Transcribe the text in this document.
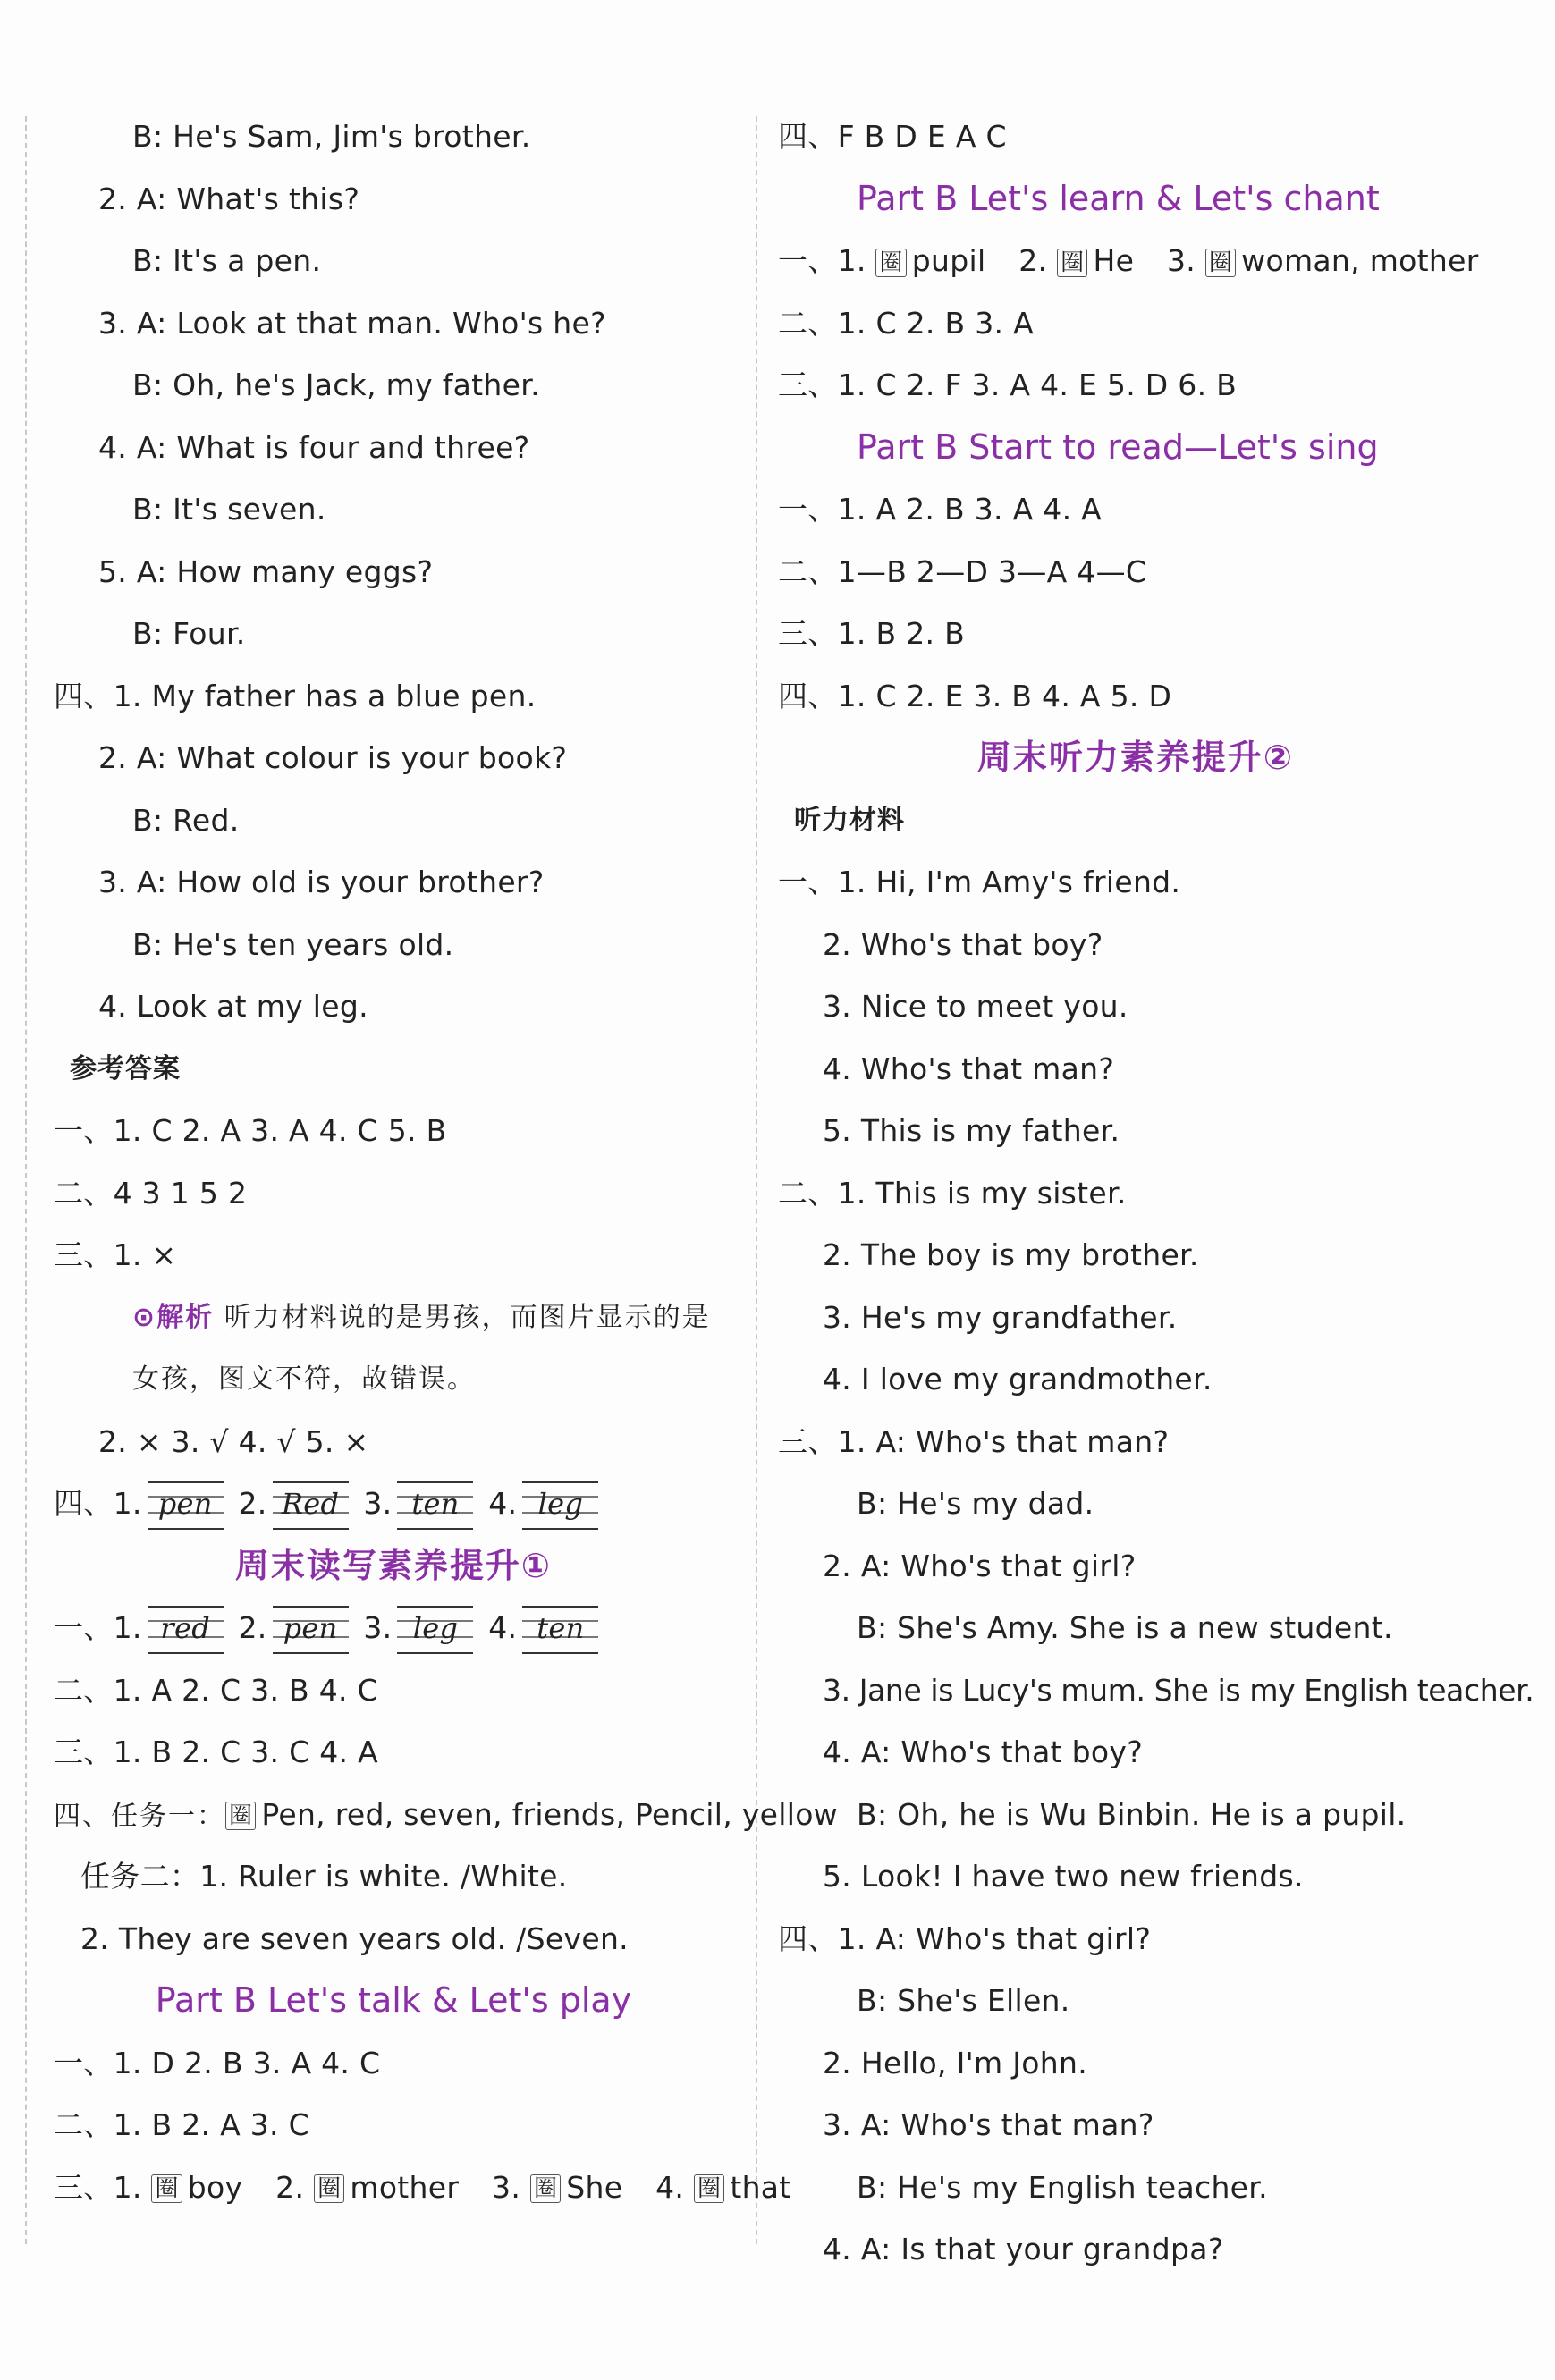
B: He's Sam, Jim's brother.
2. A: What's this?
B: It's a pen.
3. A: Look at that man. Who's he?
B: Oh, he's Jack, my father.
4. A: What is four and three?
B: It's seven.
5. A: How many eggs?
B: Four.
四、1. My father has a blue pen.
2. A: What colour is your book?
B: Red.
3. A: How old is your brother?
B: He's ten years old.
4. Look at my leg.
参考答案
一、1. C 2. A 3. A 4. C 5. B
二、4 3 1 5 2
三、1. ×
⊙解析 听力材料说的是男孩，而图片显示的是
女孩，图文不符，故错误。
2. × 3. √ 4. √ 5. ×
四、1. pen 2. Red 3. ten 4. leg
周末读写素养提升①
一、1. red 2. pen 3. leg 4. ten
二、1. A 2. C 3. B 4. C
三、1. B 2. C 3. C 4. A
四、任务一： 圈 Pen, red, seven, friends, Pencil, yellow
任务二：1. Ruler is white. /White.
2. They are seven years old. /Seven.
Part B Let's talk & Let's play
一、1. D 2. B 3. A 4. C
二、1. B 2. A 3. C
三、1. 圈 boy 2. 圈 mother 3. 圈 She 4. 圈 that
四、F B D E A C
Part B Let's learn & Let's chant
一、1. 圈 pupil 2. 圈 He 3. 圈 woman, mother
二、1. C 2. B 3. A
三、1. C 2. F 3. A 4. E 5. D 6. B
Part B Start to read—Let's sing
一、1. A 2. B 3. A 4. A
二、1—B 2—D 3—A 4—C
三、1. B 2. B
四、1. C 2. E 3. B 4. A 5. D
周末听力素养提升②
听力材料
一、1. Hi, I'm Amy's friend.
2. Who's that boy?
3. Nice to meet you.
4. Who's that man?
5. This is my father.
二、1. This is my sister.
2. The boy is my brother.
3. He's my grandfather.
4. I love my grandmother.
三、1. A: Who's that man?
B: He's my dad.
2. A: Who's that girl?
B: She's Amy. She is a new student.
3. Jane is Lucy's mum. She is my English teacher.
4. A: Who's that boy?
B: Oh, he is Wu Binbin. He is a pupil.
5. Look! I have two new friends.
四、1. A: Who's that girl?
B: She's Ellen.
2. Hello, I'm John.
3. A: Who's that man?
B: He's my English teacher.
4. A: Is that your grandpa?
